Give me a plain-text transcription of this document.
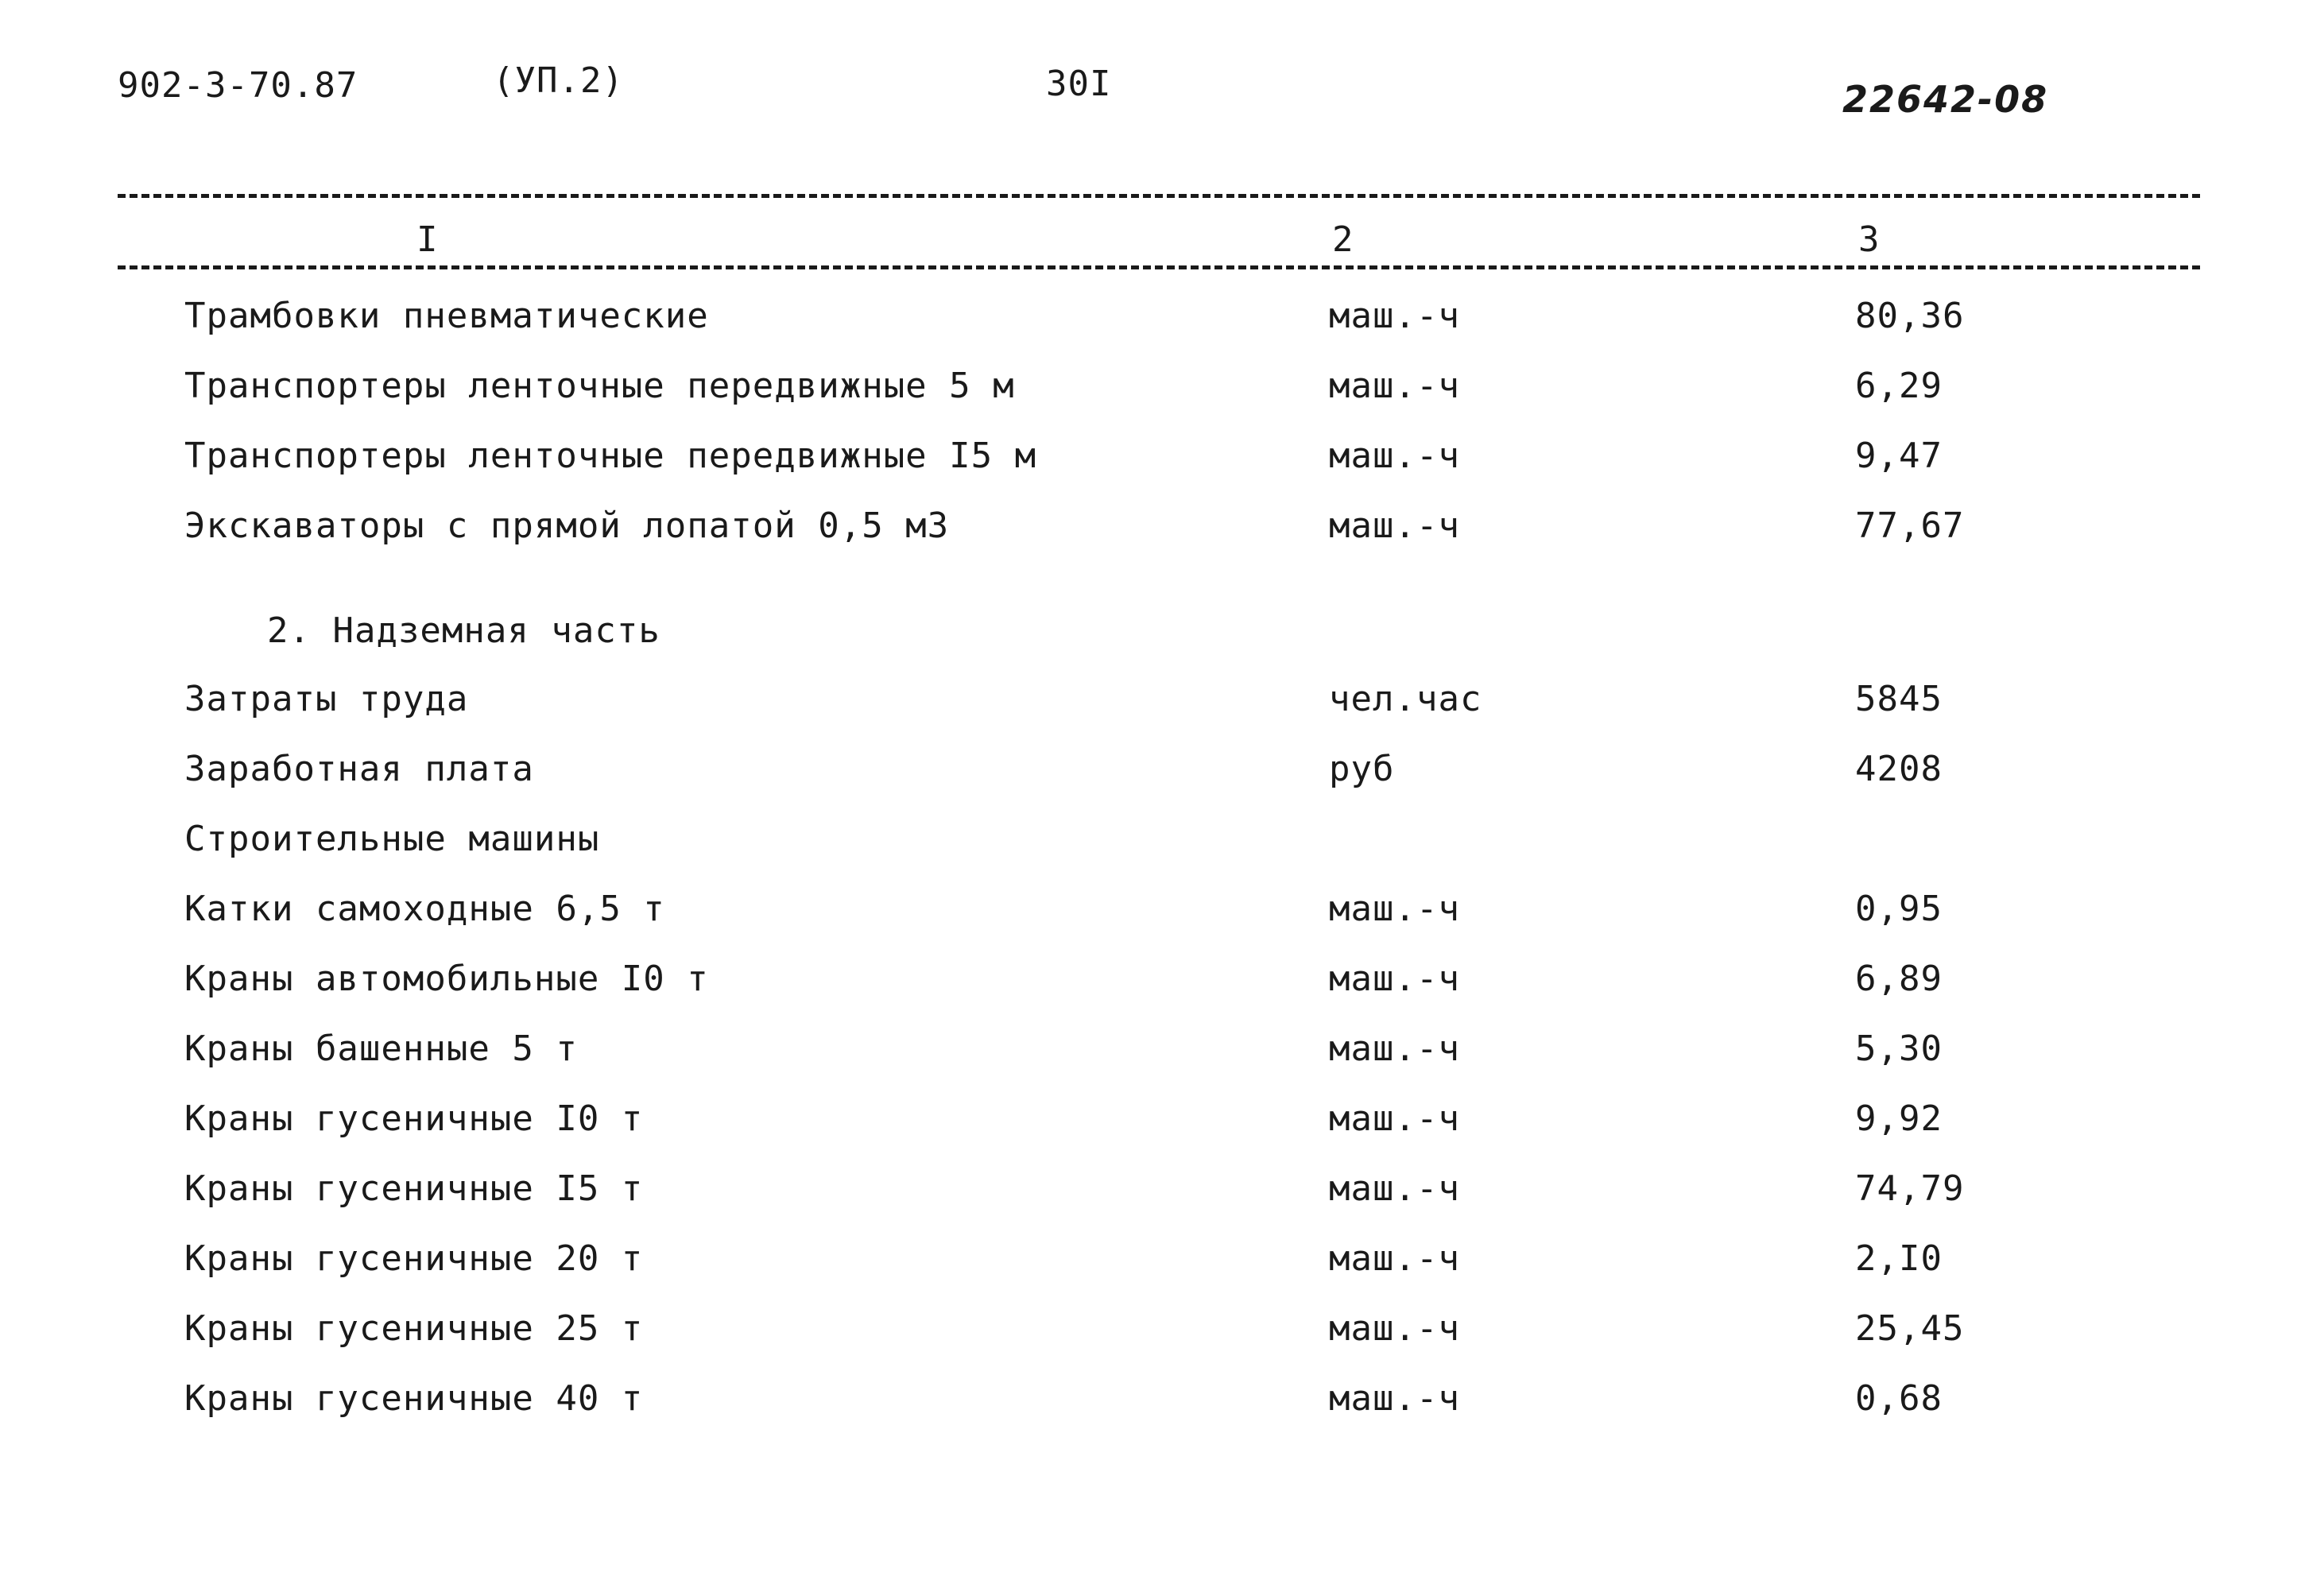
902-3-70.87	(УП.2)	30I	22642-08
I	2	3
Трамбовки пневматические	маш.-ч	80,36
Транспортеры ленточные передвижные 5 м	маш.-ч	6,29
Транспортеры ленточные передвижные I5 м	маш.-ч	9,47
Экскаваторы с прямой лопатой 0,5 м3	маш.-ч	77,67
2. Надземная часть
Затраты труда	чел.час	5845
Заработная плата	руб	4208
Строительные машины
Катки самоходные 6,5 т	маш.-ч	0,95
Краны автомобильные I0 т	маш.-ч	6,89
Краны башенные 5 т	маш.-ч	5,30
Краны гусеничные I0 т	маш.-ч	9,92
Краны гусеничные I5 т	маш.-ч	74,79
Краны гусеничные 20 т	маш.-ч	2,I0
Краны гусеничные 25 т	маш.-ч	25,45
Краны гусеничные 40 т	маш.-ч	0,68
